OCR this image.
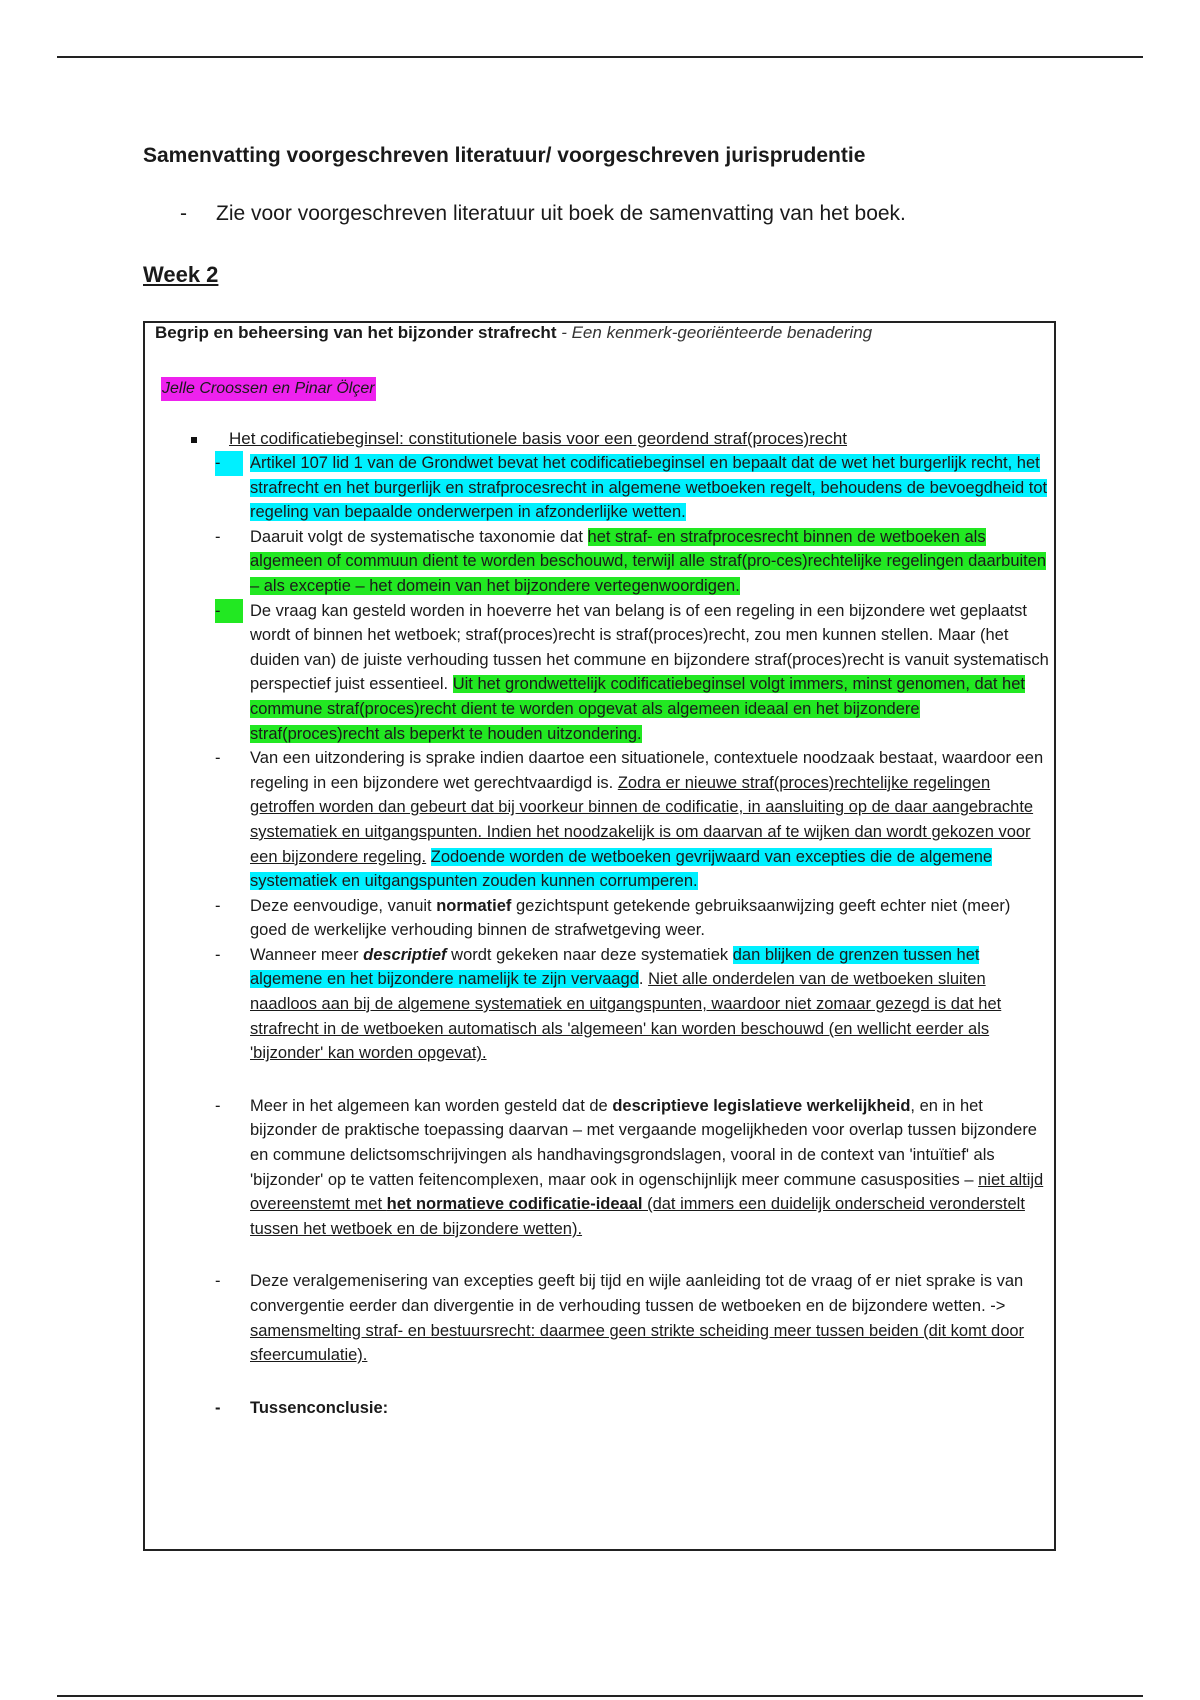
Samenvatting voorgeschreven literatuur/ voorgeschreven jurisprudentie
- Zie voor voorgeschreven literatuur uit boek de samenvatting van het boek.
Week 2
Begrip en beheersing van het bijzonder strafrecht - Een kenmerk-georiënteerde benadering
Jelle Croossen en Pinar Ölçer
Het codificatiebeginsel: constitutionele basis voor een geordend straf(proces)recht
-	Artikel 107 lid 1 van de Grondwet bevat het codificatiebeginsel en bepaalt dat de wet het burgerlijk recht, het strafrecht en het burgerlijk en strafprocesrecht in algemene wetboeken regelt, behoudens de bevoegdheid tot regeling van bepaalde onderwerpen in afzonderlijke wetten.
-	Daaruit volgt de systematische taxonomie dat het straf- en strafprocesrecht binnen de wetboeken als algemeen of commuun dient te worden beschouwd, terwijl alle straf(pro-ces)rechtelijke regelingen daarbuiten – als exceptie – het domein van het bijzondere vertegenwoordigen.
-	De vraag kan gesteld worden in hoeverre het van belang is of een regeling in een bijzondere wet geplaatst wordt of binnen het wetboek; straf(proces)recht is straf(proces)recht, zou men kunnen stellen. Maar (het duiden van) de juiste verhouding tussen het commune en bijzondere straf(proces)recht is vanuit systematisch perspectief juist essentieel. Uit het grondwettelijk codificatiebeginsel volgt immers, minst genomen, dat het commune straf(proces)recht dient te worden opgevat als algemeen ideaal en het bijzondere straf(proces)recht als beperkt te houden uitzondering.
-	Van een uitzondering is sprake indien daartoe een situationele, contextuele noodzaak bestaat, waardoor een regeling in een bijzondere wet gerechtvaardigd is. Zodra er nieuwe straf(proces)rechtelijke regelingen getroffen worden dan gebeurt dat bij voorkeur binnen de codificatie, in aansluiting op de daar aangebrachte systematiek en uitgangspunten. Indien het noodzakelijk is om daarvan af te wijken dan wordt gekozen voor een bijzondere regeling. Zodoende worden de wetboeken gevrijwaard van excepties die de algemene systematiek en uitgangspunten zouden kunnen corrumperen.
-	Deze eenvoudige, vanuit normatief gezichtspunt getekende gebruiksaanwijzing geeft echter niet (meer) goed de werkelijke verhouding binnen de strafwetgeving weer.
-	Wanneer meer descriptief wordt gekeken naar deze systematiek dan blijken de grenzen tussen het algemene en het bijzondere namelijk te zijn vervaagd. Niet alle onderdelen van de wetboeken sluiten naadloos aan bij de algemene systematiek en uitgangspunten, waardoor niet zomaar gezegd is dat het strafrecht in de wetboeken automatisch als 'algemeen' kan worden beschouwd (en wellicht eerder als 'bijzonder' kan worden opgevat).
-	Meer in het algemeen kan worden gesteld dat de descriptieve legislatieve werkelijkheid, en in het bijzonder de praktische toepassing daarvan – met vergaande mogelijkheden voor overlap tussen bijzondere en commune delictsomschrijvingen als handhavingsgrondslagen, vooral in de context van 'intuïtief' als 'bijzonder' op te vatten feitencomplexen, maar ook in ogenschijnlijk meer commune casusposities – niet altijd overeenstemt met het normatieve codificatie-ideaal (dat immers een duidelijk onderscheid veronderstelt tussen het wetboek en de bijzondere wetten).
-	Deze veralgemenisering van excepties geeft bij tijd en wijle aanleiding tot de vraag of er niet sprake is van convergentie eerder dan divergentie in de verhouding tussen de wetboeken en de bijzondere wetten. -> samensmelting straf- en bestuursrecht: daarmee geen strikte scheiding meer tussen beiden (dit komt door sfeercumulatie).
-	Tussenconclusie:
